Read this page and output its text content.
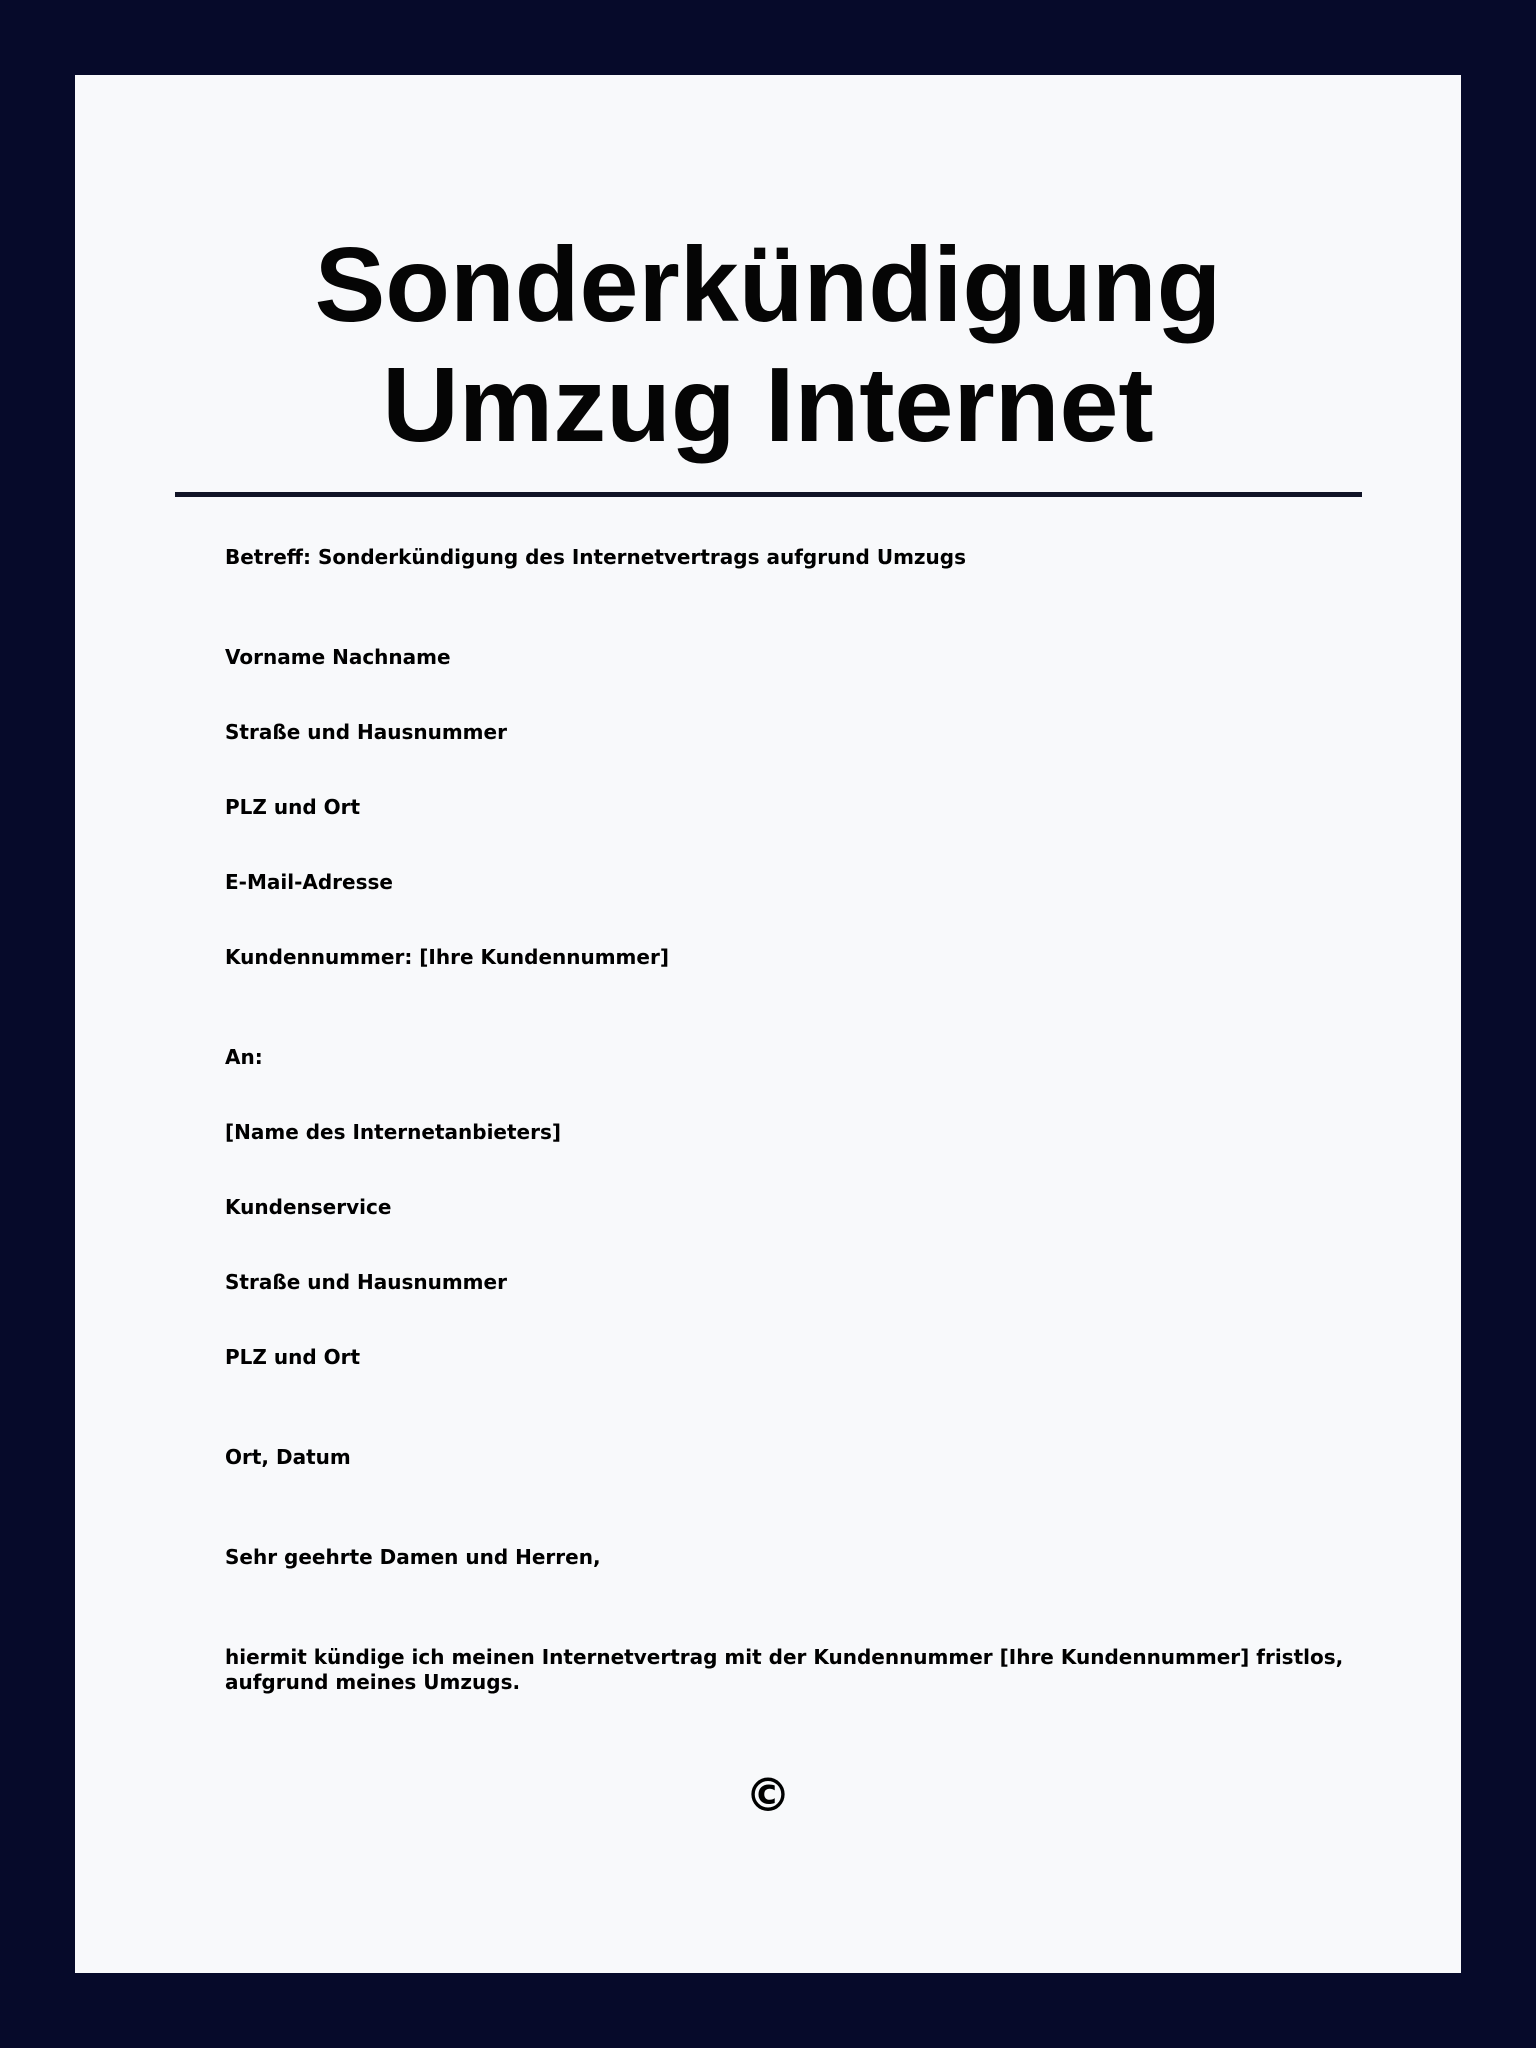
Sonderkündigung
Umzug Internet

Betreff: Sonderkündigung des Internetvertrags aufgrund Umzugs

Vorname Nachname

Straße und Hausnummer

PLZ und Ort

E-Mail-Adresse

Kundennummer: [Ihre Kundennummer]

An:

[Name des Internetanbieters]

Kundenservice

Straße und Hausnummer

PLZ und Ort

Ort, Datum

Sehr geehrte Damen und Herren,

hiermit kündige ich meinen Internetvertrag mit der Kundennummer [Ihre Kundennummer] fristlos, aufgrund meines Umzugs.

©
